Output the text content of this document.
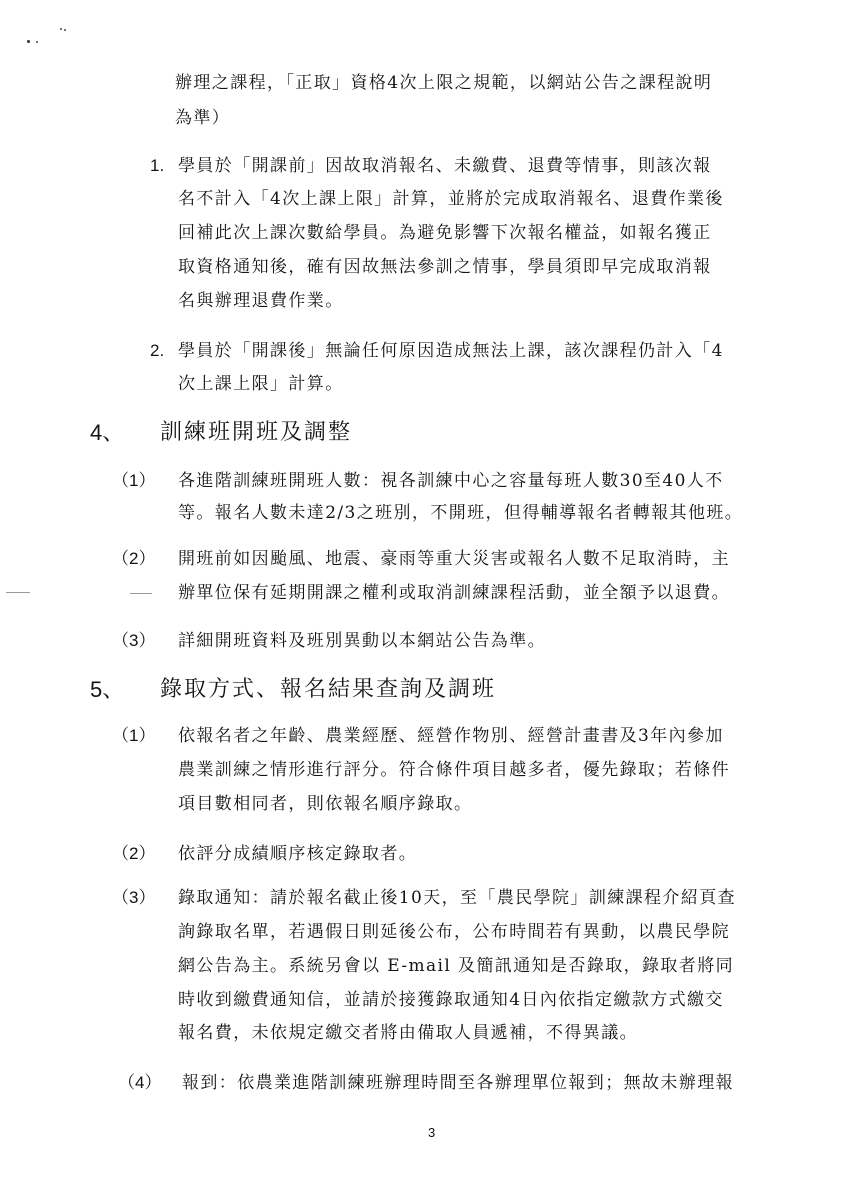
辦理之課程，「正取」資格4次上限之規範，以網站公告之課程說明
為準）
1. 學員於「開課前」因故取消報名、未繳費、退費等情事，則該次報
名不計入「4次上課上限」計算，並將於完成取消報名、退費作業後
回補此次上課次數給學員。為避免影響下次報名權益，如報名獲正
取資格通知後，確有因故無法參訓之情事，學員須即早完成取消報
名與辦理退費作業。
2. 學員於「開課後」無論任何原因造成無法上課，該次課程仍計入「4
次上課上限」計算。
4、 訓練班開班及調整
（1） 各進階訓練班開班人數：視各訓練中心之容量每班人數30至40人不
等。報名人數未達2/3之班別，不開班，但得輔導報名者轉報其他班。
（2） 開班前如因颱風、地震、豪雨等重大災害或報名人數不足取消時，主
辦單位保有延期開課之權利或取消訓練課程活動，並全額予以退費。
（3） 詳細開班資料及班別異動以本網站公告為準。
5、 錄取方式、報名結果查詢及調班
（1） 依報名者之年齡、農業經歷、經營作物別、經營計畫書及3年內參加
農業訓練之情形進行評分。符合條件項目越多者，優先錄取；若條件
項目數相同者，則依報名順序錄取。
（2） 依評分成績順序核定錄取者。
（3） 錄取通知：請於報名截止後10天，至「農民學院」訓練課程介紹頁查
詢錄取名單，若遇假日則延後公布，公布時間若有異動，以農民學院
網公告為主。系統另會以 E-mail 及簡訊通知是否錄取，錄取者將同
時收到繳費通知信，並請於接獲錄取通知4日內依指定繳款方式繳交
報名費，未依規定繳交者將由備取人員遞補，不得異議。
（4） 報到：依農業進階訓練班辦理時間至各辦理單位報到；無故未辦理報
3
